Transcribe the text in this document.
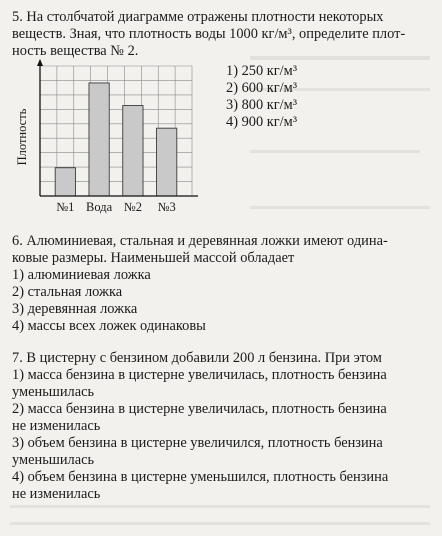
5. На столбчатой диаграмме отражены плотности некоторых
веществ. Зная, что плотность воды 1000 кг/м³, определите плот-
ность вещества № 2.
№1 Вода №2 №3
Плотность
1) 250 кг/м³
2) 600 кг/м³
3) 800 кг/м³
4) 900 кг/м³
6. Алюминиевая, стальная и деревянная ложки имеют одина-
ковые размеры. Наименьшей массой обладает
1) алюминиевая ложка
2) стальная ложка
3) деревянная ложка
4) массы всех ложек одинаковы
7. В цистерну с бензином добавили 200 л бензина. При этом
1) масса бензина в цистерне увеличилась, плотность бензина
уменьшилась
2) масса бензина в цистерне увеличилась, плотность бензина
не изменилась
3) объем бензина в цистерне увеличился, плотность бензина
уменьшилась
4) объем бензина в цистерне уменьшился, плотность бензина
не изменилась
